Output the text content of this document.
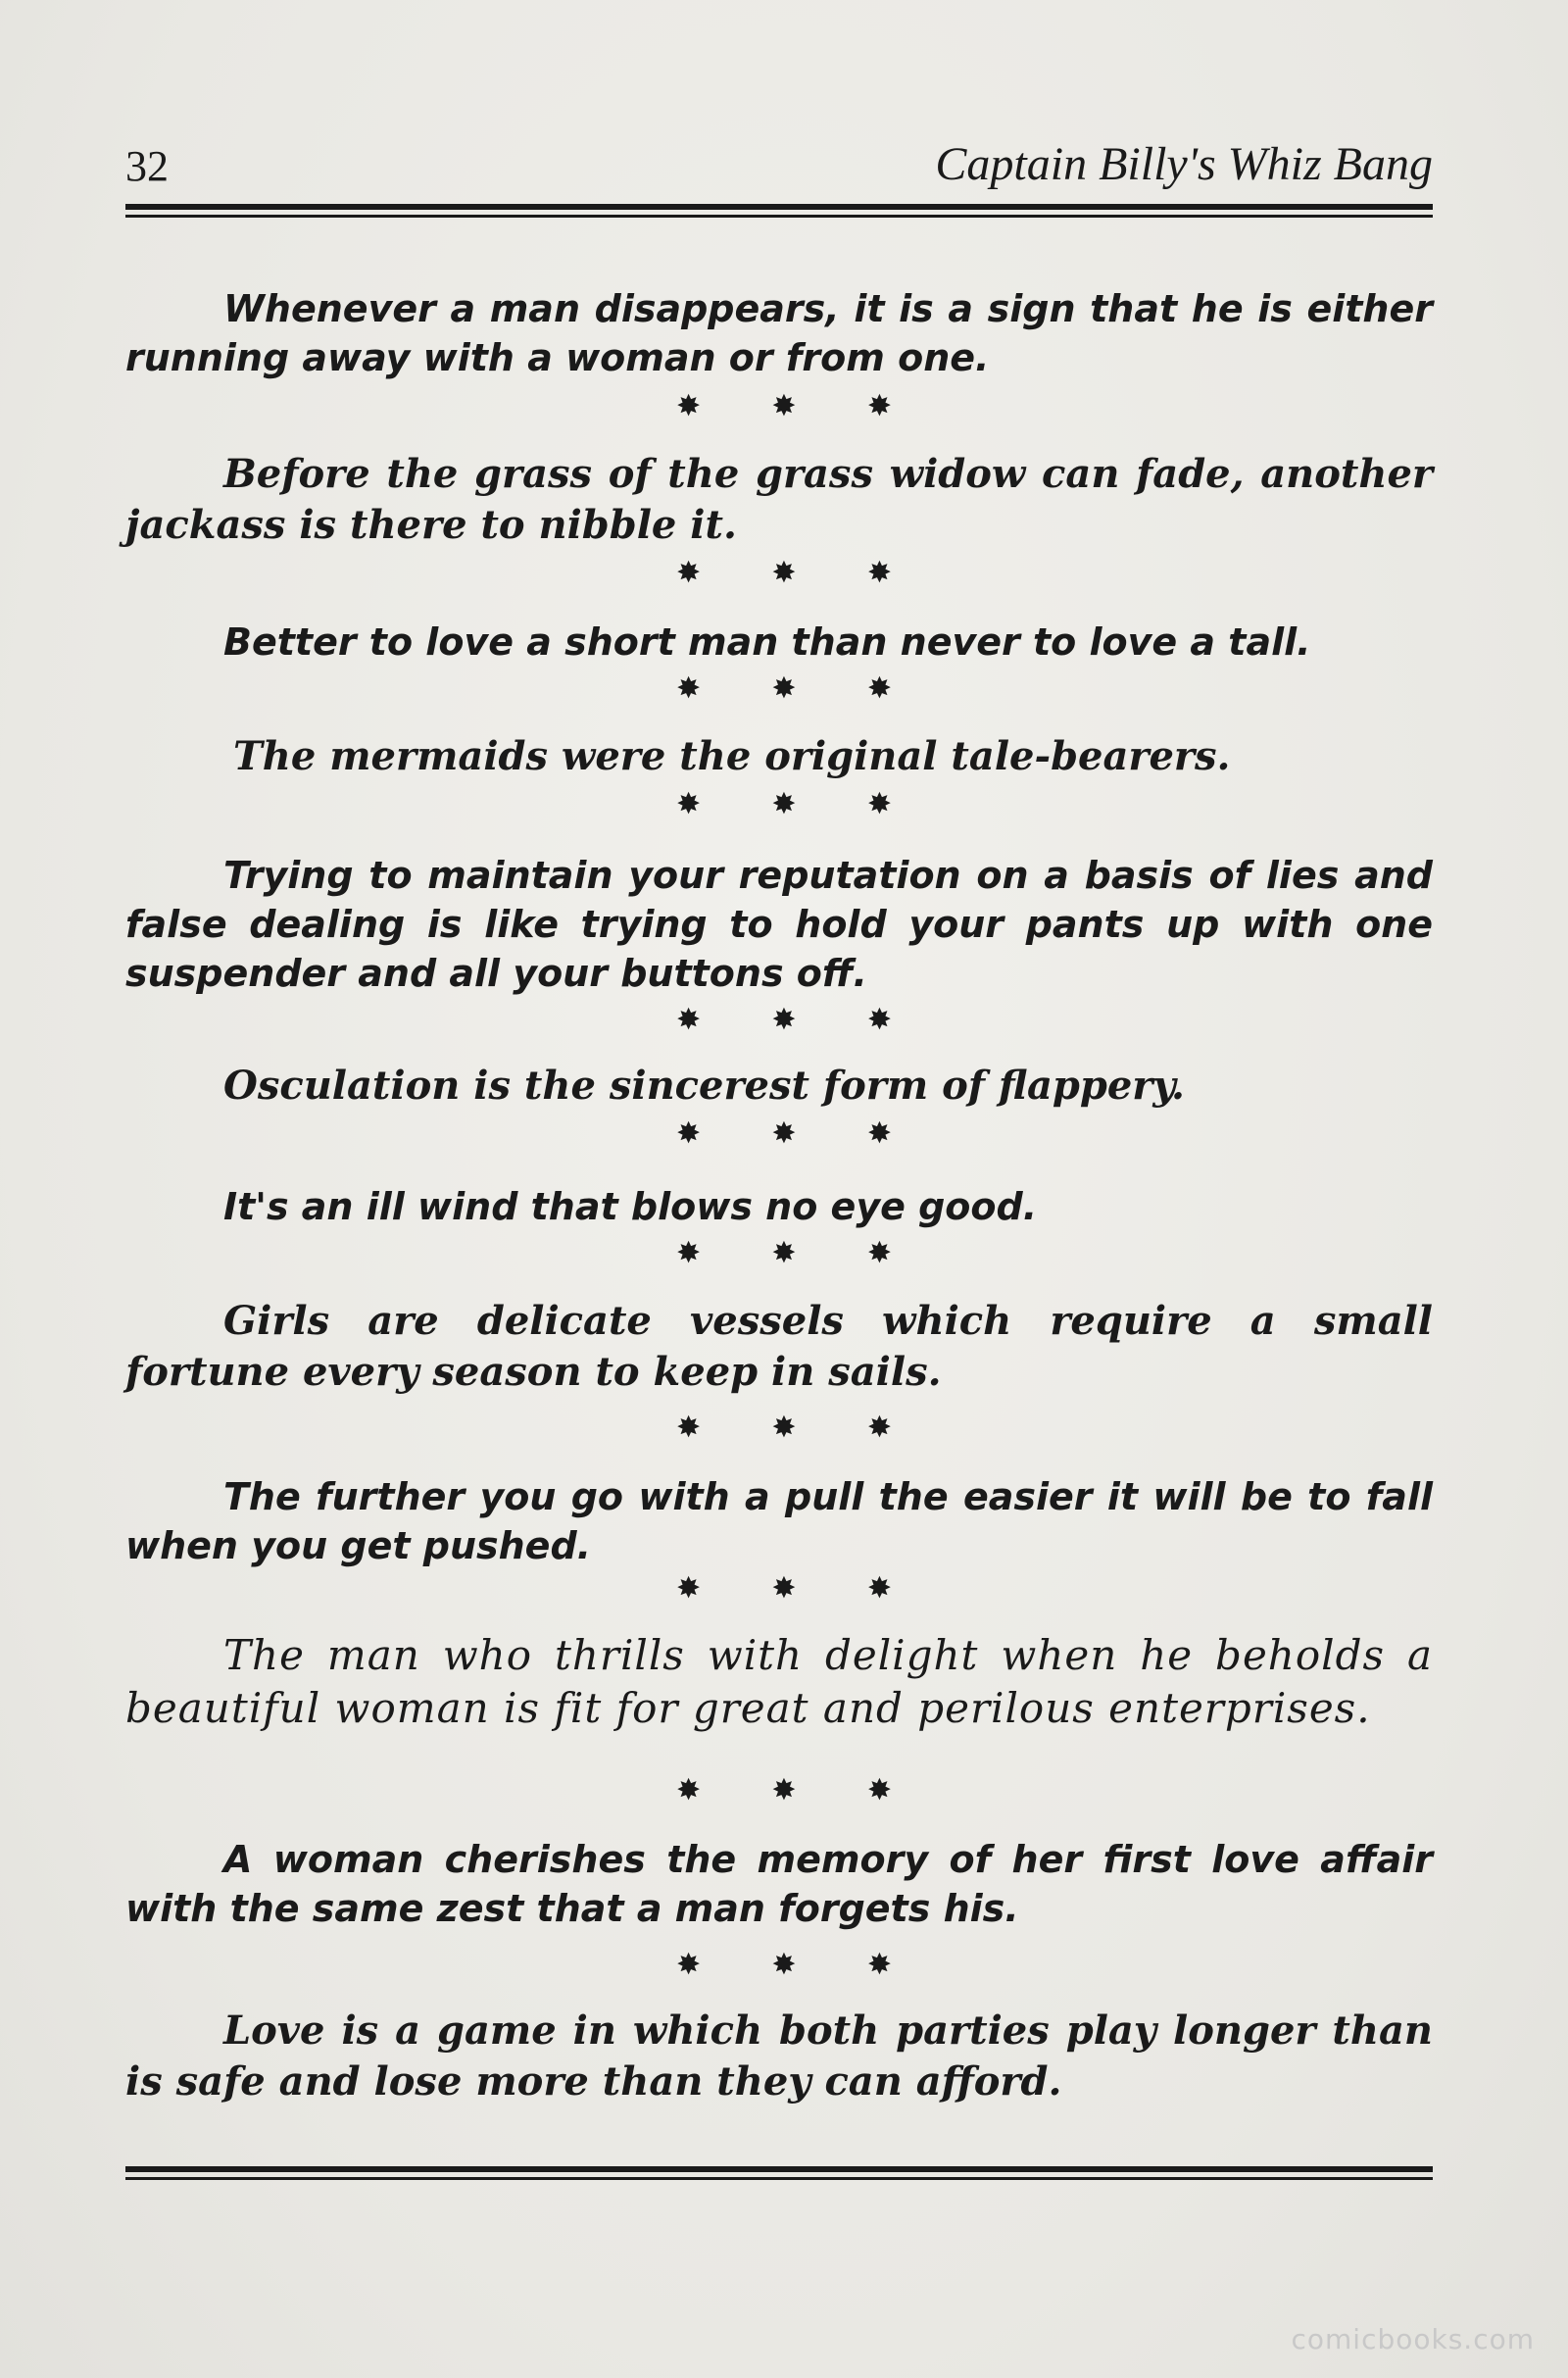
32	Captain Billy's Whiz Bang

Whenever a man disappears, it is a sign that he is either running away with a woman or from one.

✸ ✸ ✸

Before the grass of the grass widow can fade, another jackass is there to nibble it.

✸ ✸ ✸

Better to love a short man than never to love a tall.

✸ ✸ ✸

The mermaids were the original tale-bearers.

✸ ✸ ✸

Trying to maintain your reputation on a basis of lies and false dealing is like trying to hold your pants up with one suspender and all your buttons off.

✸ ✸ ✸

Osculation is the sincerest form of flappery.

✸ ✸ ✸

It's an ill wind that blows no eye good.

✸ ✸ ✸

Girls are delicate vessels which require a small fortune every season to keep in sails.

✸ ✸ ✸

The further you go with a pull the easier it will be to fall when you get pushed.

✸ ✸ ✸

The man who thrills with delight when he beholds a beautiful woman is fit for great and perilous enterprises.

✸ ✸ ✸

A woman cherishes the memory of her first love affair with the same zest that a man forgets his.

✸ ✸ ✸

Love is a game in which both parties play longer than is safe and lose more than they can afford.

comicbooks.com
